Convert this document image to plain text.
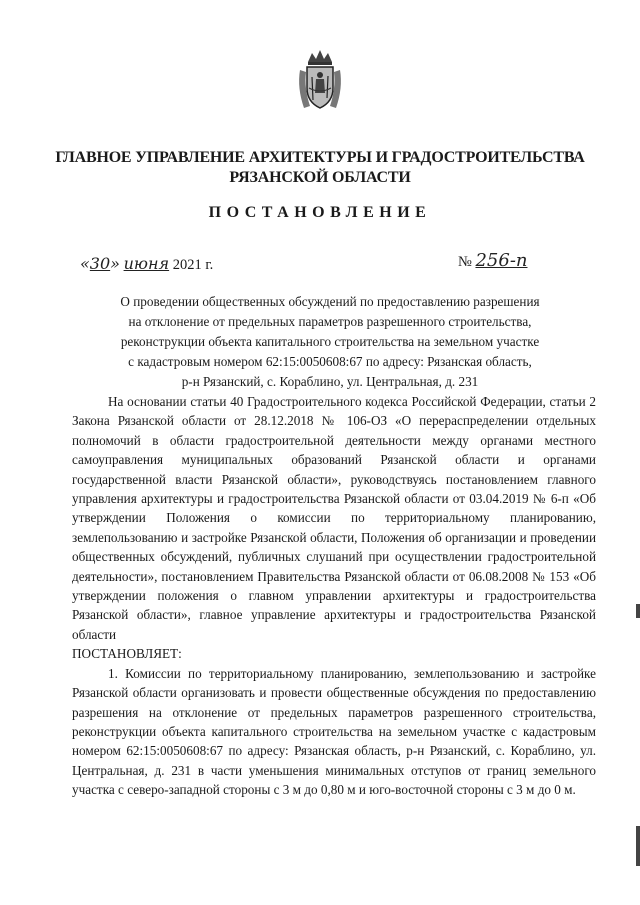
ГЛАВНОЕ УПРАВЛЕНИЕ АРХИТЕКТУРЫ И ГРАДОСТРОИТЕЛЬСТВА
РЯЗАНСКОЙ ОБЛАСТИ
ПОСТАНОВЛЕНИЕ
«30» июня 2021 г.	№ 256-п
О проведении общественных обсуждений по предоставлению разрешения
на отклонение от предельных параметров разрешенного строительства,
реконструкции объекта капитального строительства на земельном участке
с кадастровым номером 62:15:0050608:67 по адресу: Рязанская область,
р-н Рязанский, с. Кораблино, ул. Центральная, д. 231

На основании статьи 40 Градостроительного кодекса Российской Федерации, статьи 2 Закона Рязанской области от 28.12.2018 № 106-ОЗ «О перераспределении отдельных полномочий в области градостроительной деятельности между органами местного самоуправления муниципальных образований Рязанской области и органами государственной власти Рязанской области», руководствуясь постановлением главного управления архитектуры и градостроительства Рязанской области от 03.04.2019 № 6-п «Об утверждении Положения о комиссии по территориальному планированию, землепользованию и застройке Рязанской области, Положения об организации и проведении общественных обсуждений, публичных слушаний при осуществлении градостроительной деятельности», постановлением Правительства Рязанской области от 06.08.2008 № 153 «Об утверждении положения о главном управлении архитектуры и градостроительства Рязанской области», главное управление архитектуры и градостроительства Рязанской области

ПОСТАНОВЛЯЕТ:

1. Комиссии по территориальному планированию, землепользованию и застройке Рязанской области организовать и провести общественные обсуждения по предоставлению разрешения на отклонение от предельных параметров разрешенного строительства, реконструкции объекта капитального строительства на земельном участке с кадастровым номером 62:15:0050608:67 по адресу: Рязанская область, р-н Рязанский, с. Кораблино, ул. Центральная, д. 231 в части уменьшения минимальных отступов от границ земельного участка с северо-западной стороны с 3 м до 0,80 м и юго-восточной стороны с 3 м до 0 м.
